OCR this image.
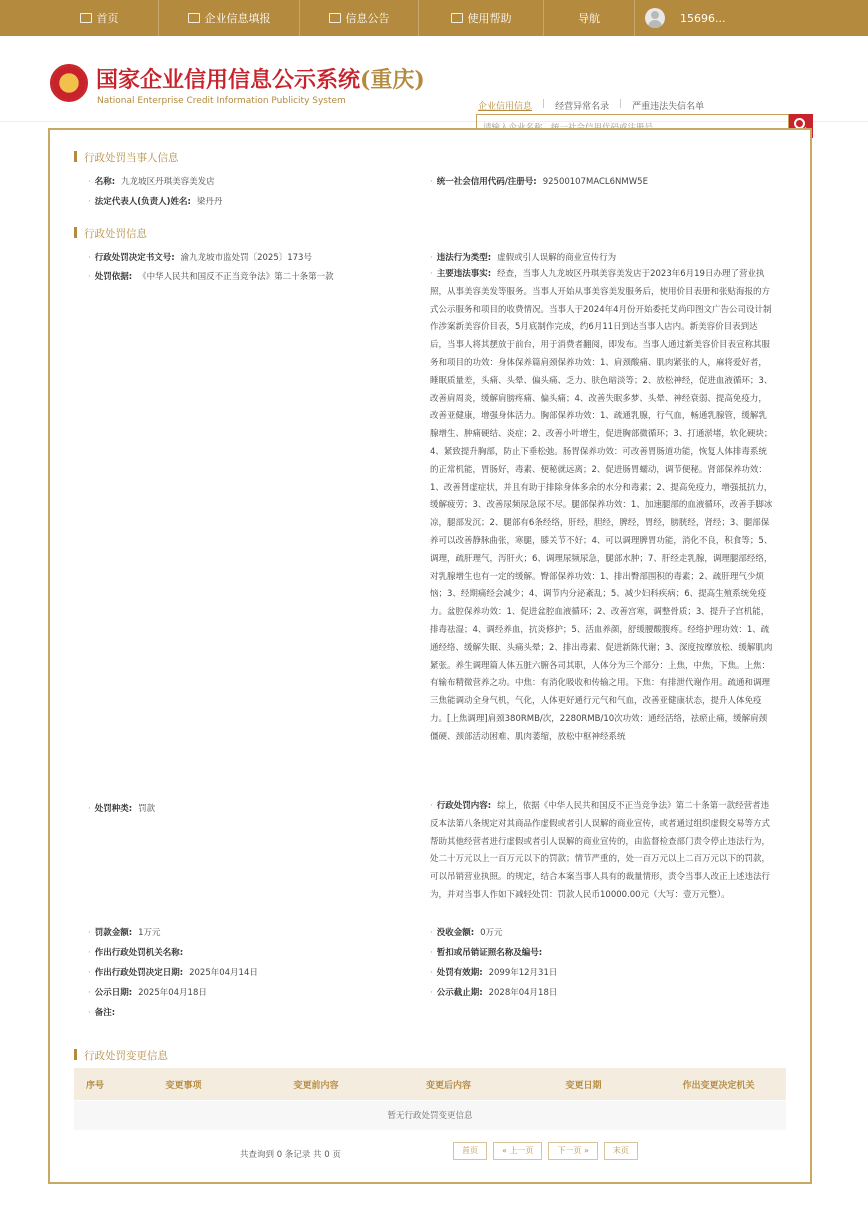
首页	企业信息填报	信息公告	使用帮助	导航	15696...
国家企业信用信息公示系统(重庆)
National Enterprise Credit Information Publicity System
企业信用信息 | 经营异常名录 | 严重违法失信名单
行政处罚当事人信息
· 名称: 九龙坡区丹琪美容美发店	· 统一社会信用代码/注册号: 92500107MACL6NMW5E
· 法定代表人(负责人)姓名: 梁丹丹
行政处罚信息
· 行政处罚决定书文号: 渝九龙坡市监处罚〔2025〕173号	· 违法行为类型: 虚假或引人误解的商业宣传行为
· 处罚依据: 《中华人民共和国反不正当竞争法》第二十条第一款	· 主要违法事实: 经查，当事人九龙坡区丹琪美容美发店于2023年6月19日办理了营业执照，从事美容美发等服务。当事人开始从事美容美发服务后，使用价目表册和张贴海报的方式公示服务和项目的收费情况。当事人于2024年4月份开始委托艾尚印图文广告公司设计制作涉案新美容价目表，5月底制作完成，约6月11日到达当事人店内。新美容价目表到达后，当事人将其摆放于前台，用于消费者翻阅，即发布。当事人通过新美容价目表宣称其服务和项目的功效：身体保养篇肩颈保养功效：1、肩颈酸痛、肌肉紧张的人，麻将爱好者，睡眠质量差，头痛、头晕、偏头痛、乏力、肤色暗淡等；2、放松神经，促进血液循环；3、改善肩周炎，缓解肩膀疼痛、偏头痛；4、改善失眠多梦、头晕、神经衰弱、提高免疫力，改善亚健康，增强身体活力。胸部保养功效：1、疏通乳腺，行气血，畅通乳腺管，缓解乳腺增生、肿痛硬结、炎症；2、改善小叶增生，促进胸部微循环；3、打通淤堵，软化硬块；4、紧致提升胸部，防止下垂松弛。肠胃保养功效：可改善胃肠道功能，恢复人体排毒系统的正常机能，胃肠好，毒素、便秘就远离；2、促进肠胃蠕动，调节便秘。肾部保养功效：1、改善肾虚症状，并且有助于排除身体多余的水分和毒素；2、提高免疫力，增强抵抗力，缓解疲劳；3、改善尿频尿急尿不尽。腿部保养功效：1、加速腿部的血液循环，改善手脚冰凉，腿部发沉；2、腿部有6条经络，肝经，胆经，脾经，胃经，膀胱经，肾经；3、腿部保养可以改善静脉曲张，寒腿，膝关节不好；4、可以调理脾胃功能，消化不良，积食等；5、调理，疏肝理气，泻肝火；6、调理尿频尿急，腿部水肿；7、肝经走乳腺，调理腿部经络，对乳腺增生也有一定的缓解。臀部保养功效：1、排出臀部围积的毒素；2、疏肝理气少烦恼；3、经期痛经会减少；4、调节内分泌紊乱；5、减少妇科疾病；6、提高生殖系统免疫力。盆腔保养功效：1、促进盆腔血液循环；2、改善宫寒，调整骨质；3、提升子宫机能，排毒祛湿；4、调经养血，抗炎修护；5、活血养颜，舒缓腰酸腹疼。经络护理功效：1、疏通经络、缓解失眠、头痛头晕；2、排出毒素、促进新陈代谢；3、深度按摩放松、缓解肌肉紧张。养生调理篇人体五脏六腑各司其职，人体分为三个部分：上焦，中焦，下焦。上焦：有输布精微营养之功。中焦：有消化吸收和传输之用。下焦：有排泄代谢作用。疏通和调理三焦能调动全身气机，气化，人体更好通行元气和气血，改善亚健康状态，提升人体免疫力。[上焦调理]肩颈380RMB/次，2280RMB/10次功效：通经活络，祛瘀止痛，缓解肩颈僵硬、颈部活动困难、肌肉萎缩，放松中枢神经系统
· 处罚种类: 罚款	· 行政处罚内容: 综上，依据《中华人民共和国反不正当竞争法》第二十条第一款经营者违反本法第八条规定对其商品作虚假或者引人误解的商业宣传，或者通过组织虚假交易等方式帮助其他经营者进行虚假或者引人误解的商业宣传的，由监督检查部门责令停止违法行为，处二十万元以上一百万元以下的罚款；情节严重的，处一百万元以上二百万元以下的罚款，可以吊销营业执照。的规定，结合本案当事人具有的裁量情形，责令当事人改正上述违法行为，并对当事人作如下减轻处罚：罚款人民币10000.00元（大写：壹万元整）。
· 罚款金额: 1万元	· 没收金额: 0万元
· 作出行政处罚机关名称:	· 暂扣或吊销证照名称及编号:
· 作出行政处罚决定日期: 2025年04月14日	· 处罚有效期: 2099年12月31日
· 公示日期: 2025年04月18日	· 公示截止期: 2028年04月18日
· 备注:
行政处罚变更信息
序号	变更事项	变更前内容	变更后内容	变更日期	作出变更决定机关
暂无行政处罚变更信息
共查询到 0 条记录 共 0 页	首页	« 上一页	下一页 »	末页
